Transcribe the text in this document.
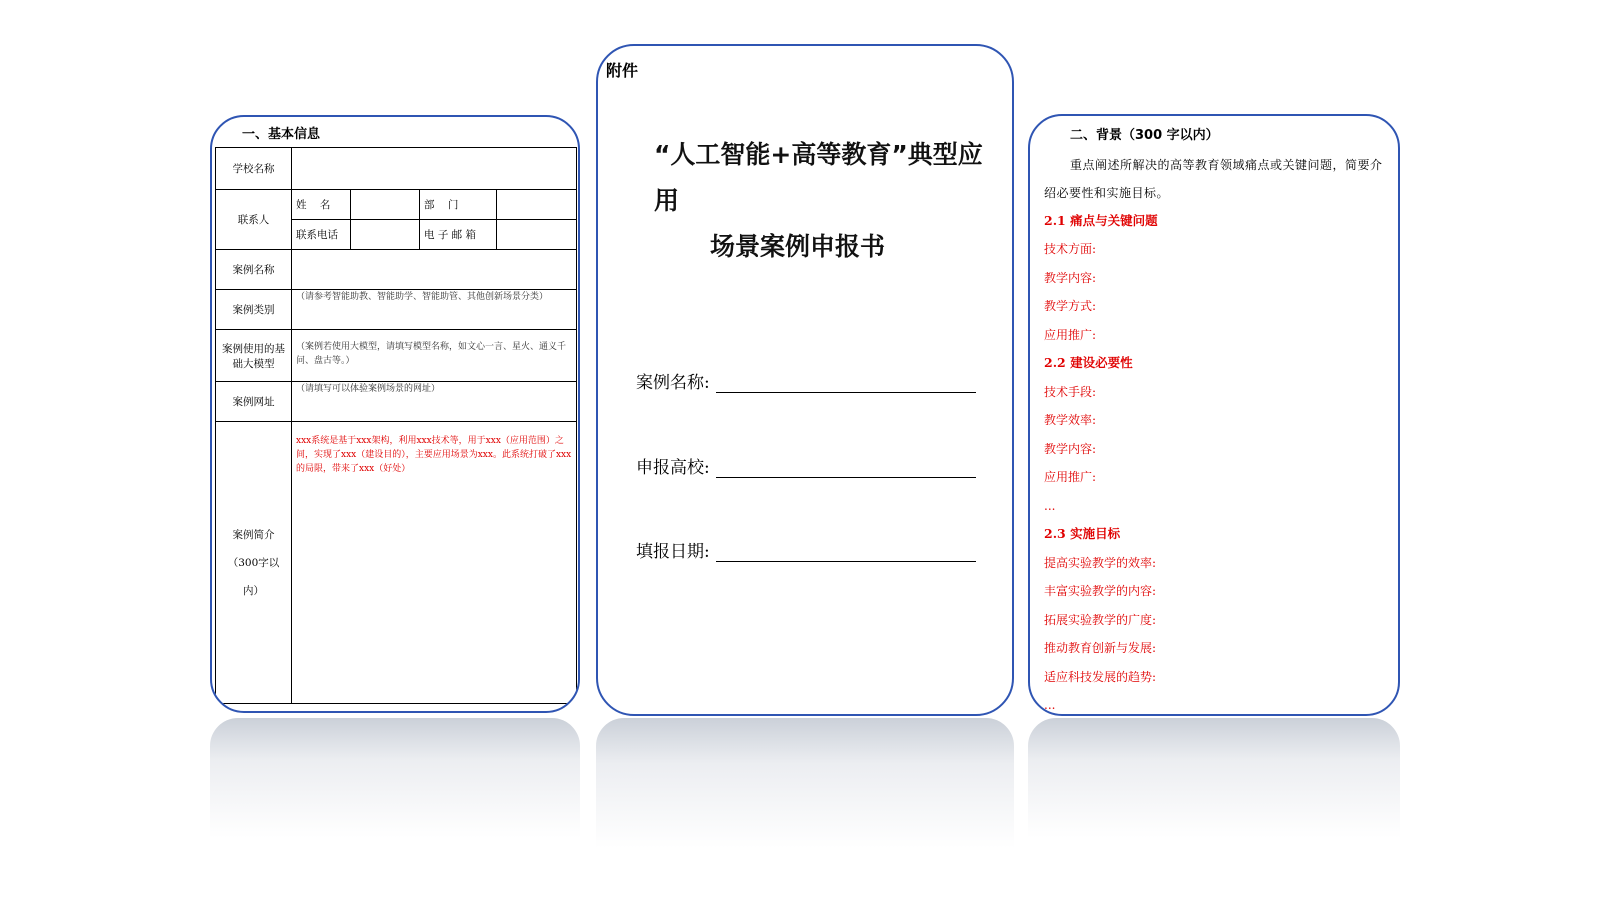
一、基本信息
学校名称				
联系人	姓    名		部    门	
	联系电话		电 子 邮 箱	
案例名称				
案例类别	（请参考智能助教、智能助学、智能助管、其他创新场景分类）			
案例使用的基础大模型	（案例若使用大模型，请填写模型名称，如文心一言、星火、通义千问、盘古等。）			
案例网址	（请填写可以体验案例场景的网址）			

案例简介
（300字以内）	xxx系统是基于xxx架构，利用xxx技术等，用于xxx（应用范围）之间，实现了xxx（建设目的），主要应用场景为xxx。此系统打破了xxx的局限，带来了xxx（好处）			
附件
“人工智能+高等教育”典型应用
场景案例申报书
案例名称:
申报高校:
填报日期:
二、背景（300 字以内）
重点阐述所解决的高等教育领域痛点或关键问题，简要介绍必要性和实施目标。
2.1 痛点与关键问题
技术方面:
教学内容:
教学方式:
应用推广:
2.2 建设必要性
技术手段:
教学效率:
教学内容:
应用推广:
...
2.3 实施目标
提高实验教学的效率:
丰富实验教学的内容:
拓展实验教学的广度:
推动教育创新与发展:
适应科技发展的趋势:
...
